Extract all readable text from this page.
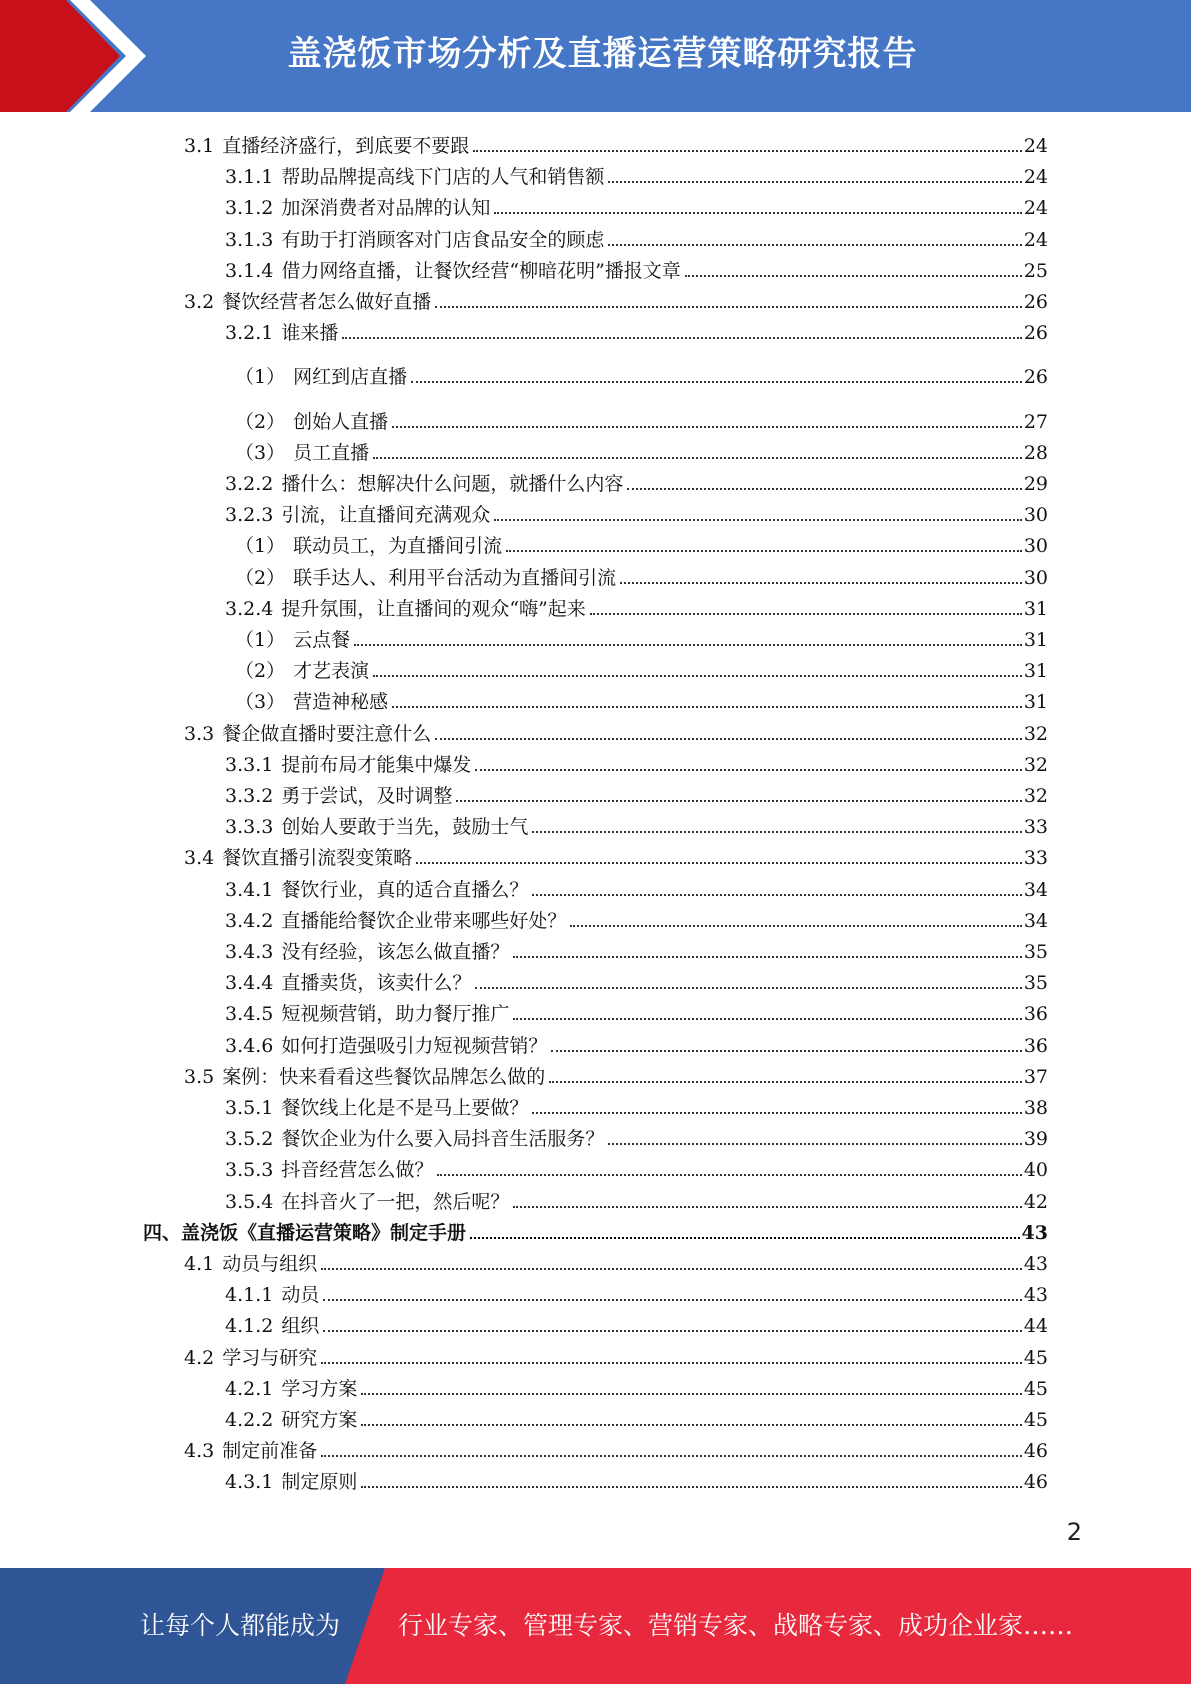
盖浇饭市场分析及直播运营策略研究报告
3.1 直播经济盛行，到底要不要跟	24
3.1.1 帮助品牌提高线下门店的人气和销售额	24
3.1.2 加深消费者对品牌的认知	24
3.1.3 有助于打消顾客对门店食品安全的顾虑	24
3.1.4 借力网络直播，让餐饮经营“柳暗花明”播报文章	25
3.2 餐饮经营者怎么做好直播	26
3.2.1 谁来播	26
（1） 网红到店直播	26
（2） 创始人直播	27
（3） 员工直播	28
3.2.2 播什么：想解决什么问题，就播什么内容	29
3.2.3 引流，让直播间充满观众	30
（1） 联动员工，为直播间引流	30
（2） 联手达人、利用平台活动为直播间引流	30
3.2.4 提升氛围，让直播间的观众“嗨”起来	31
（1） 云点餐	31
（2） 才艺表演	31
（3） 营造神秘感	31
3.3 餐企做直播时要注意什么	32
3.3.1 提前布局才能集中爆发	32
3.3.2 勇于尝试，及时调整	32
3.3.3 创始人要敢于当先，鼓励士气	33
3.4 餐饮直播引流裂变策略	33
3.4.1 餐饮行业，真的适合直播么？	34
3.4.2 直播能给餐饮企业带来哪些好处？	34
3.4.3 没有经验，该怎么做直播？	35
3.4.4 直播卖货，该卖什么？	35
3.4.5 短视频营销，助力餐厅推广	36
3.4.6 如何打造强吸引力短视频营销？	36
3.5 案例：快来看看这些餐饮品牌怎么做的	37
3.5.1 餐饮线上化是不是马上要做？	38
3.5.2 餐饮企业为什么要入局抖音生活服务？	39
3.5.3 抖音经营怎么做？	40
3.5.4 在抖音火了一把，然后呢？	42
四、 盖浇饭《直播运营策略》制定手册	43
4.1 动员与组织	43
4.1.1 动员	43
4.1.2 组织	44
4.2 学习与研究	45
4.2.1 学习方案	45
4.2.2 研究方案	45
4.3 制定前准备	46
4.3.1 制定原则	46
2
让每个人都能成为 行业专家、管理专家、营销专家、战略专家、成功企业家……
